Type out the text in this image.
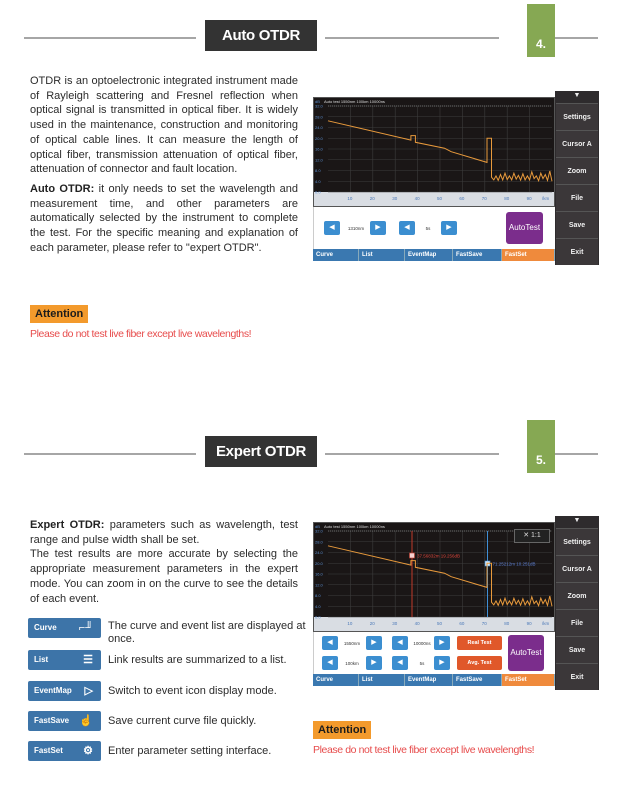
Auto OTDR	4.

OTDR is an optoelectronic integrated instrument made of Rayleigh scattering and Fresnel reflection when optical signal is transmitted in optical fiber. It is widely used in the maintenance, construction and monitoring of optical cable lines. It can measure the length of optical fiber, transmission attenuation of optical fiber, attenuation of connector and fault location.

Auto OTDR: it only needs to set the wavelength and measurement time, and other parameters are automatically selected by the instrument to complete the test. For the specific meaning and explanation of each parameter, please refer to "expert OTDR".

0.0
4.0
8.0
12.0
16.0
20.0
24.0
28.0
32.0
dB
10	20	30	40	50	60	70	80	90 /km
Auto test 1550nm 100km 10000ns
▼
Settings
Cursor A
Zoom
File
Save
Exit
◀	1310nm	▶	◀	5s	▶	AutoTest
Curve	List	EventMap	FastSave	FastSet
Attention
Please do not test live fiber except live wavelengths!
Expert OTDR	5.
Expert OTDR: parameters such as wavelength, test range and pulse width shall be set.
The test results are more accurate by selecting the appropriate measurement parameters in the expert mode. You can zoom in on the curve to see the details of each event.
Curve ⌐╜ The curve and event list are displayed at once.
List	☰ Link results are summarized to a list.
EventMap ▷ Switch to event icon display mode.
FastSave ☝ Save current curve file quickly.
FastSet ⚙ Enter parameter setting interface.
0.0
4.0
8.0
12.0
16.0
20.0
24.0
28.0
32.0
dB
10	20	30	40	50	60	70	80	90 /km
37.56832m 19.256dB
71.25212m 10.251dB
Auto test 1550nm 100km 10000ns
✕ 1:1
▼
Settings
Cursor A
Zoom
File
Save
Exit
◀	1550nm	▶
◀	100km	▶
◀	10000ns	▶
◀	5s	▶
Real Test
Avg. Test
AutoTest
Curve	List	EventMap	FastSave	FastSet
Attention
Please do not test live fiber except live wavelengths!
